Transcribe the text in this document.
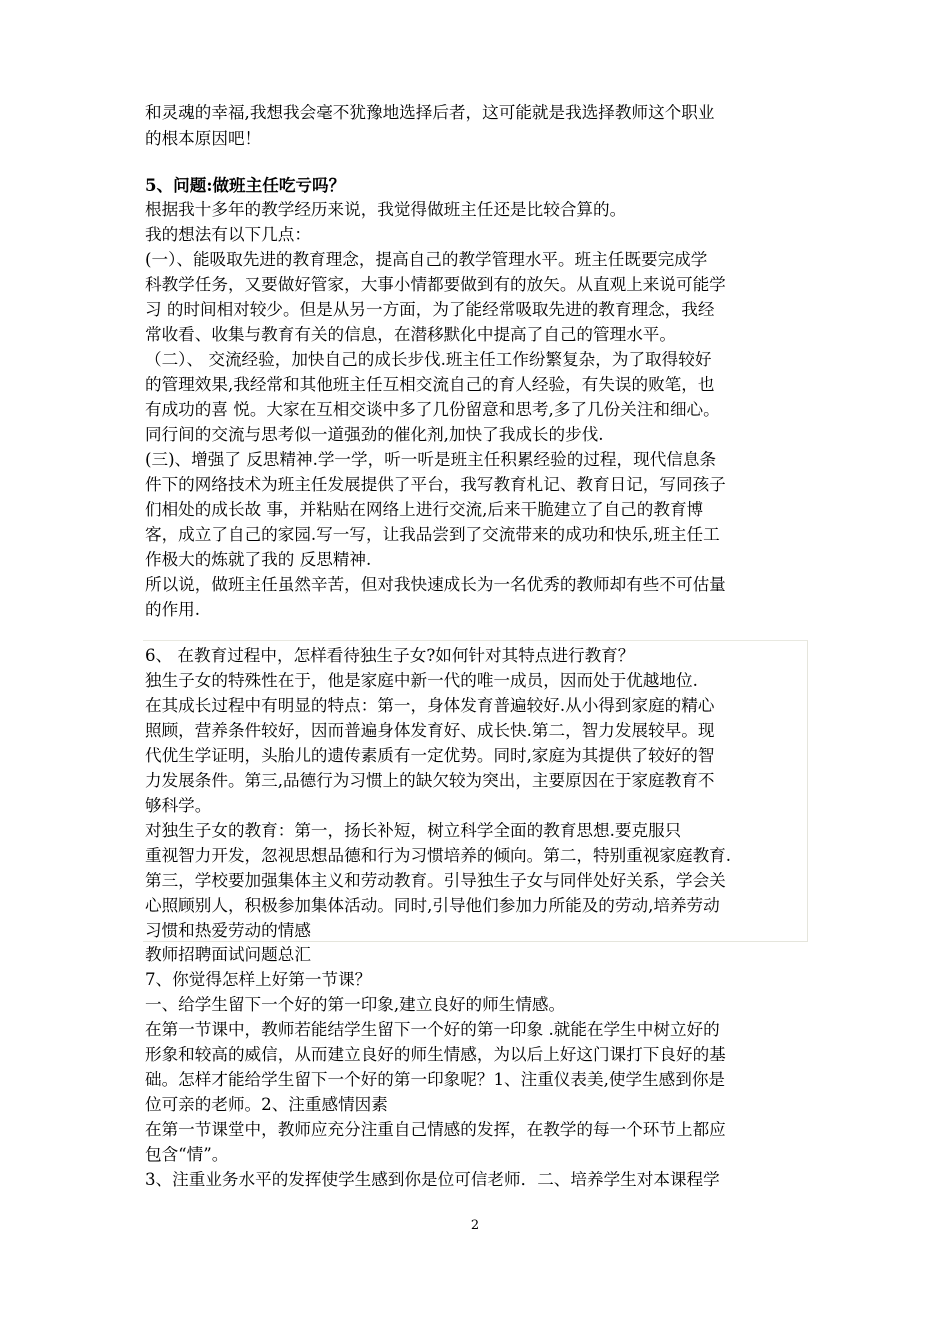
和灵魂的幸福,我想我会毫不犹豫地选择后者，这可能就是我选择教师这个职业
的根本原因吧！
5、问题:做班主任吃亏吗？
根据我十多年的教学经历来说，我觉得做班主任还是比较合算的。
我的想法有以下几点：
(一）、能吸取先进的教育理念，提高自己的教学管理水平。班主任既要完成学
科教学任务，又要做好管家，大事小情都要做到有的放矢。从直观上来说可能学
习 的时间相对较少。但是从另一方面，为了能经常吸取先进的教育理念，我经
常收看、收集与教育有关的信息，在潜移默化中提高了自己的管理水平。
（二）、 交流经验，加快自己的成长步伐.班主任工作纷繁复杂，为了取得较好
的管理效果,我经常和其他班主任互相交流自己的育人经验，有失误的败笔，也
有成功的喜 悦。大家在互相交谈中多了几份留意和思考,多了几份关注和细心。
同行间的交流与思考似一道强劲的催化剂,加快了我成长的步伐.
(三)、增强了 反思精神.学一学，听一听是班主任积累经验的过程，现代信息条
件下的网络技术为班主任发展提供了平台，我写教育札记、教育日记，写同孩子
们相处的成长故 事，并粘贴在网络上进行交流,后来干脆建立了自己的教育博
客，成立了自己的家园.写一写，让我品尝到了交流带来的成功和快乐,班主任工
作极大的炼就了我的 反思精神.
所以说，做班主任虽然辛苦，但对我快速成长为一名优秀的教师却有些不可估量
的作用.
6、 在教育过程中，怎样看待独生子女?如何针对其特点进行教育？
独生子女的特殊性在于，他是家庭中新一代的唯一成员，因而处于优越地位.
在其成长过程中有明显的特点：第一，身体发育普遍较好.从小得到家庭的精心
照顾，营养条件较好，因而普遍身体发育好、成长快.第二，智力发展较早。现
代优生学证明，头胎儿的遗传素质有一定优势。同时,家庭为其提供了较好的智
力发展条件。第三,品德行为习惯上的缺欠较为突出，主要原因在于家庭教育不
够科学。
对独生子女的教育：第一，扬长补短，树立科学全面的教育思想.要克服只
重视智力开发，忽视思想品德和行为习惯培养的倾向。第二，特别重视家庭教育.
第三，学校要加强集体主义和劳动教育。引导独生子女与同伴处好关系，学会关
心照顾别人，积极参加集体活动。同时,引导他们参加力所能及的劳动,培养劳动
习惯和热爱劳动的情感
教师招聘面试问题总汇
7、你觉得怎样上好第一节课？
一、给学生留下一个好的第一印象,建立良好的师生情感。
在第一节课中，教师若能结学生留下一个好的第一印象 .就能在学生中树立好的
形象和较高的威信，从而建立良好的师生情感，为以后上好这门课打下良好的基
础。怎样才能给学生留下一个好的第一印象呢？1、注重仪表美,使学生感到你是
位可亲的老师。2、注重感情因素
在第一节课堂中，教师应充分注重自己情感的发挥，在教学的每一个环节上都应
包含“情”。
3、注重业务水平的发挥使学生感到你是位可信老师．二、培养学生对本课程学
2
